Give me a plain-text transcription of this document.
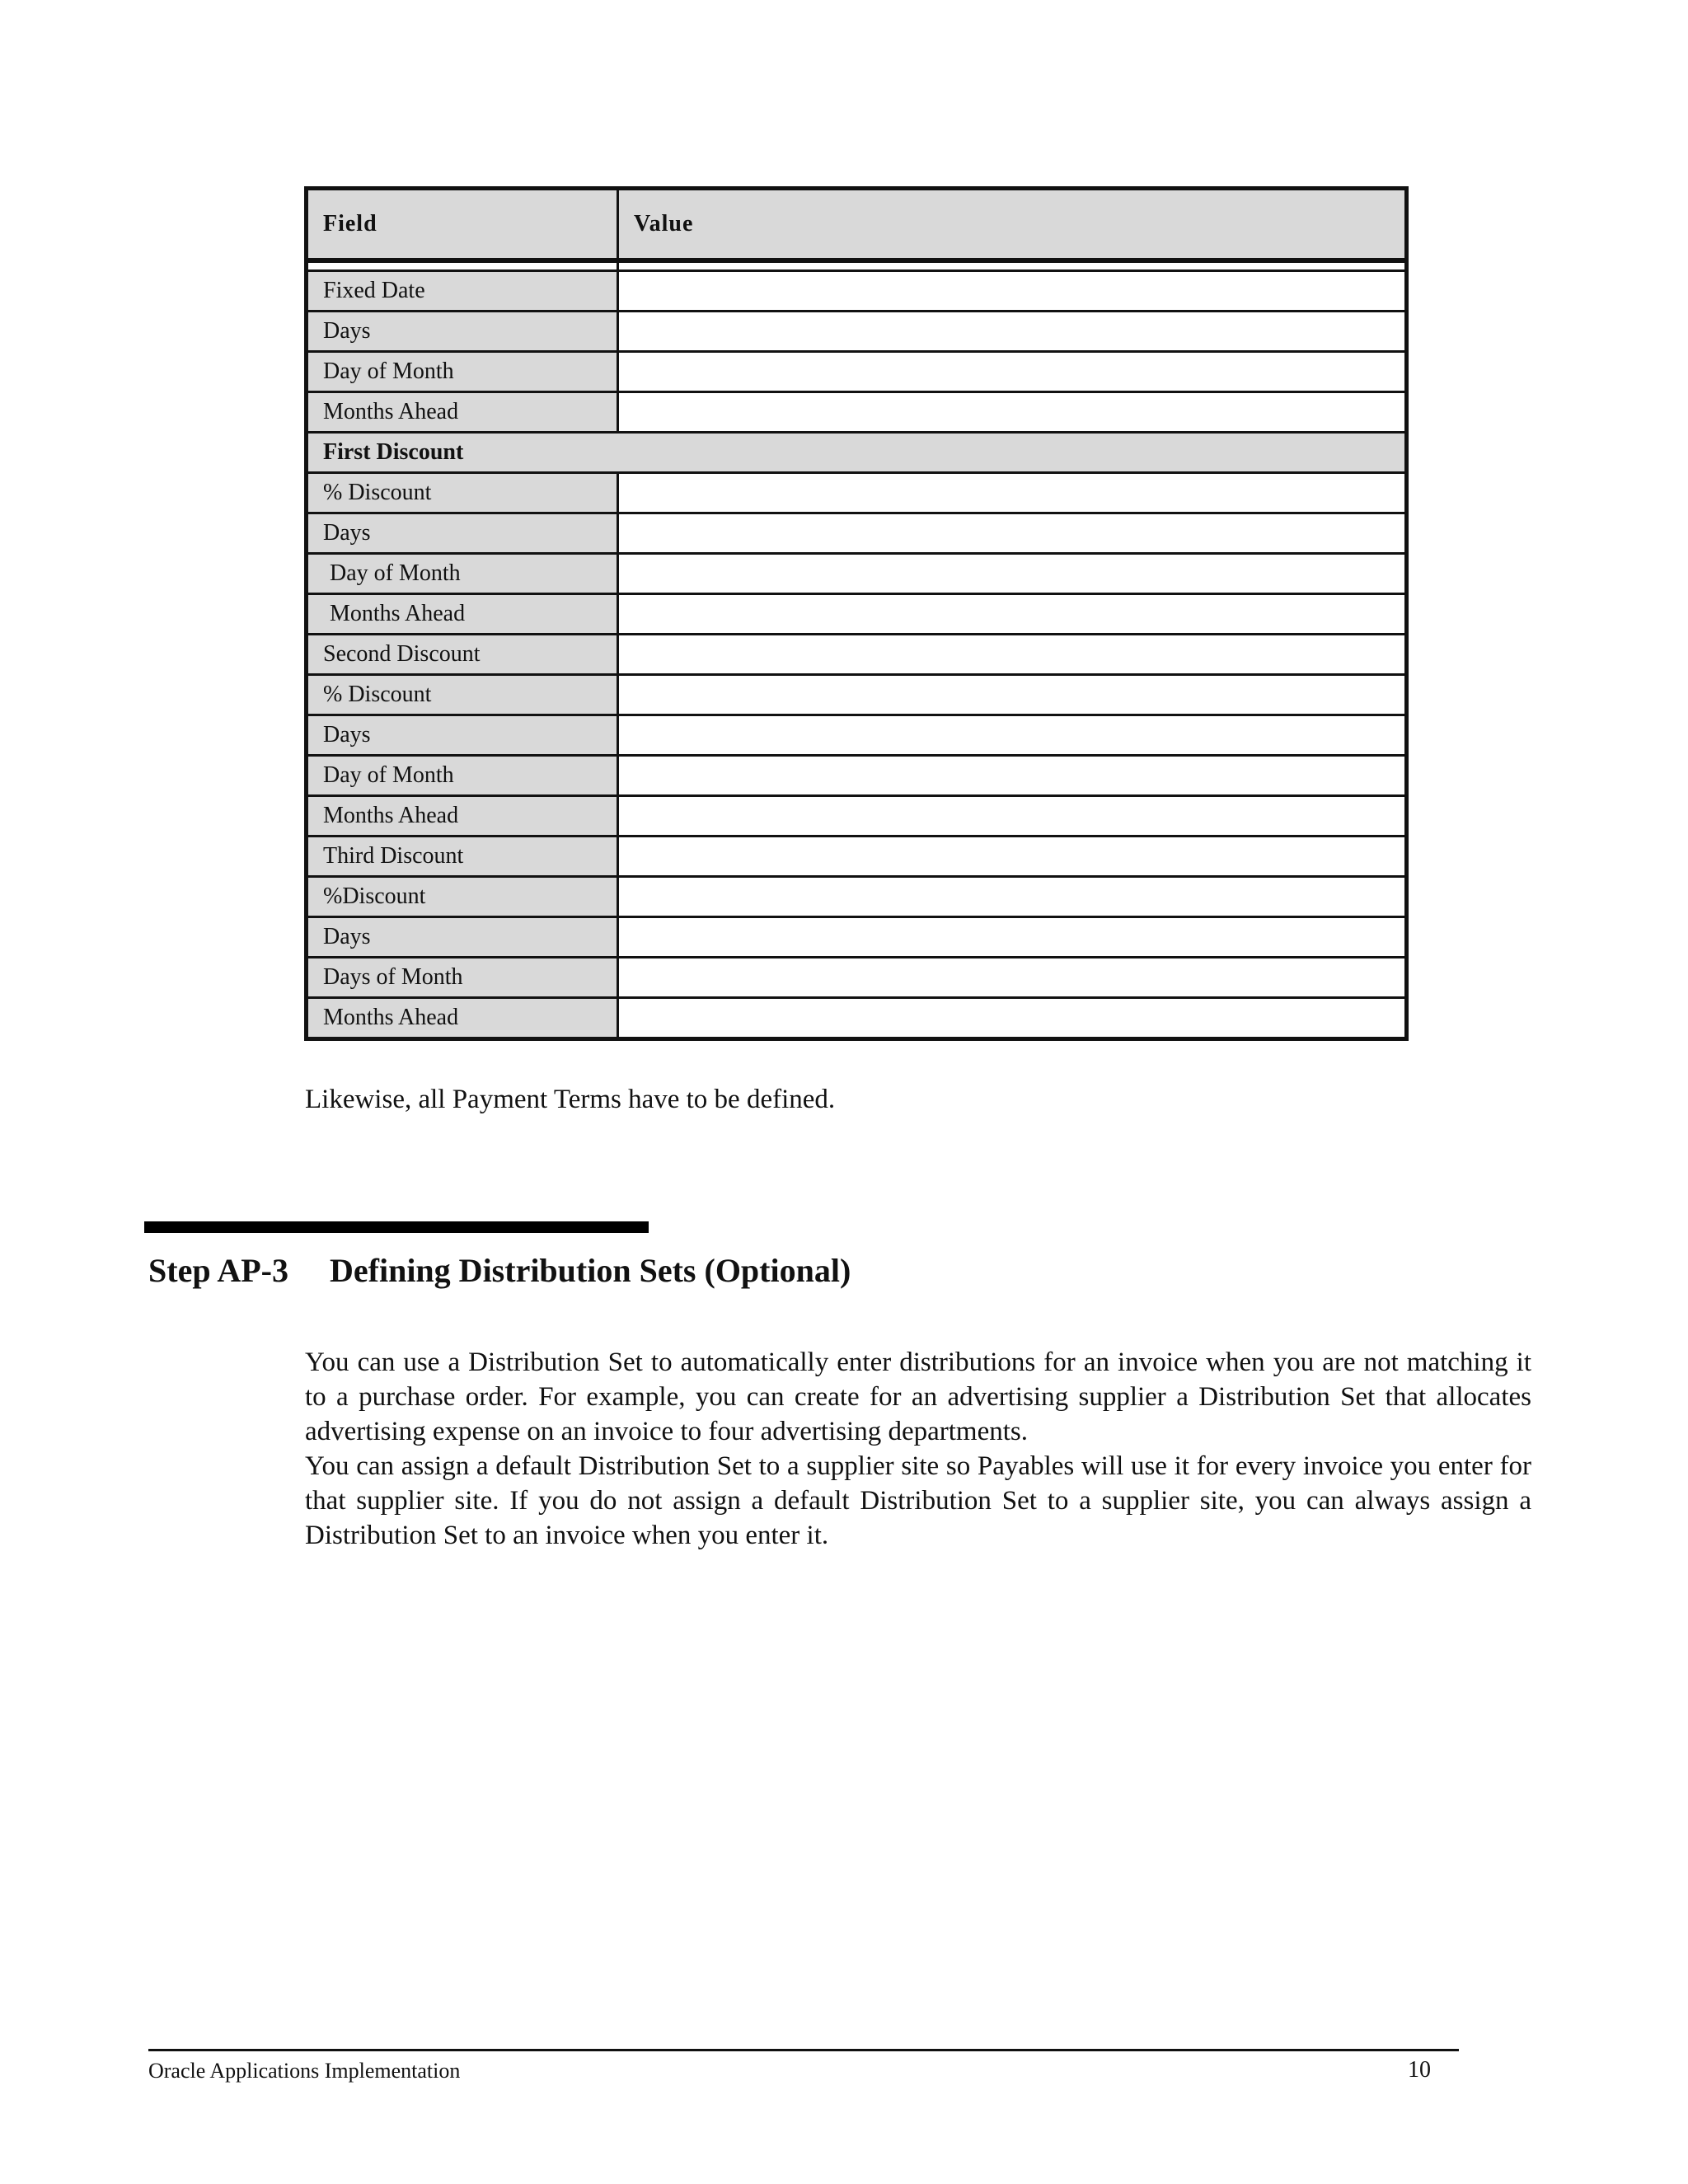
Field	Value

Fixed Date	
Days	
Day of Month	
Months Ahead	
First Discount	
% Discount	
Days	
Day of Month	
Months Ahead	
Second Discount	
% Discount	
Days	
Day of Month	
Months Ahead	
Third Discount	
%Discount	
Days	
Days of Month	
Months Ahead	
Likewise, all Payment Terms have to be defined.
Step AP-3 Defining Distribution Sets (Optional)

You can use a Distribution Set to automatically enter distributions for an invoice when you are not matching it to a purchase order. For example, you can create for an advertising supplier a Distribution Set that allocates advertising expense on an invoice to four advertising departments.

You can assign a default Distribution Set to a supplier site so Payables will use it for every invoice you enter for that supplier site. If you do not assign a default Distribution Set to a supplier site, you can always assign a Distribution Set to an invoice when you enter it.

Oracle Applications Implementation	10
